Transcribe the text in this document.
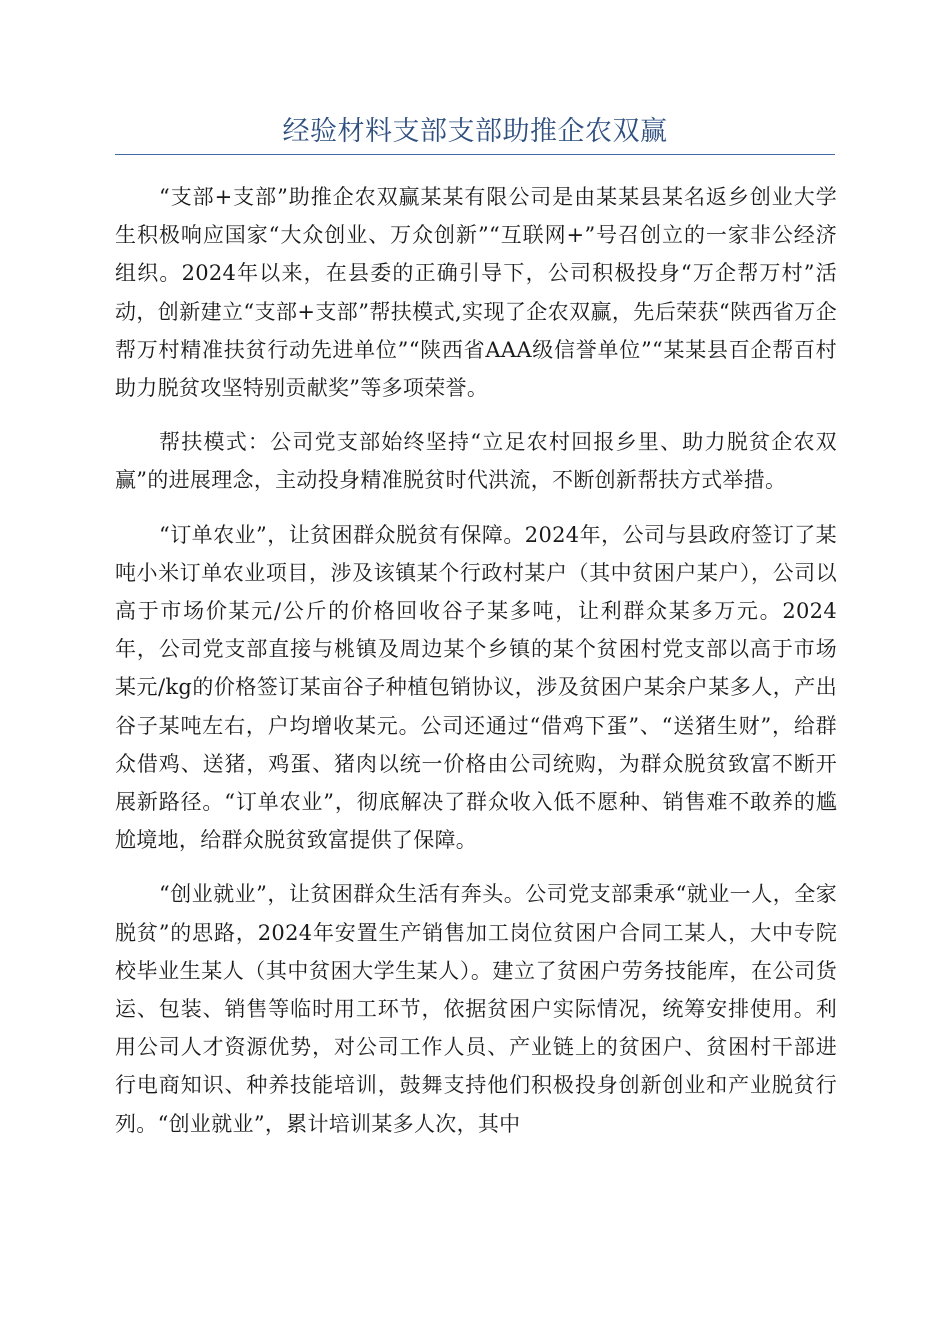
经验材料支部支部助推企农双赢

“支部+支部”助推企农双赢某某有限公司是由某某县某名返乡创业大学生积极响应国家“大众创业、万众创新”“互联网+”号召创立的一家非公经济组织。2024年以来，在县委的正确引导下，公司积极投身“万企帮万村”活动，创新建立“支部+支部”帮扶模式,实现了企农双赢，先后荣获“陕西省万企帮万村精准扶贫行动先进单位”“陕西省AAA级信誉单位”“某某县百企帮百村助力脱贫攻坚特别贡献奖”等多项荣誉。

帮扶模式：公司党支部始终坚持“立足农村回报乡里、助力脱贫企农双赢”的进展理念，主动投身精准脱贫时代洪流，不断创新帮扶方式举措。

“订单农业”，让贫困群众脱贫有保障。2024年，公司与县政府签订了某吨小米订单农业项目，涉及该镇某个行政村某户（其中贫困户某户），公司以高于市场价某元/公斤的价格回收谷子某多吨，让利群众某多万元。2024年，公司党支部直接与桃镇及周边某个乡镇的某个贫困村党支部以高于市场某元/kg的价格签订某亩谷子种植包销协议，涉及贫困户某余户某多人，产出谷子某吨左右，户均增收某元。公司还通过“借鸡下蛋”、“送猪生财”，给群众借鸡、送猪，鸡蛋、猪肉以统一价格由公司统购，为群众脱贫致富不断开展新路径。“订单农业”，彻底解决了群众收入低不愿种、销售难不敢养的尴尬境地，给群众脱贫致富提供了保障。

“创业就业”，让贫困群众生活有奔头。公司党支部秉承“就业一人，全家脱贫”的思路，2024年安置生产销售加工岗位贫困户合同工某人，大中专院校毕业生某人（其中贫困大学生某人）。建立了贫困户劳务技能库，在公司货运、包装、销售等临时用工环节，依据贫困户实际情况，统筹安排使用。利用公司人才资源优势，对公司工作人员、产业链上的贫困户、贫困村干部进行电商知识、种养技能培训，鼓舞支持他们积极投身创新创业和产业脱贫行列。“创业就业”，累计培训某多人次，其中
